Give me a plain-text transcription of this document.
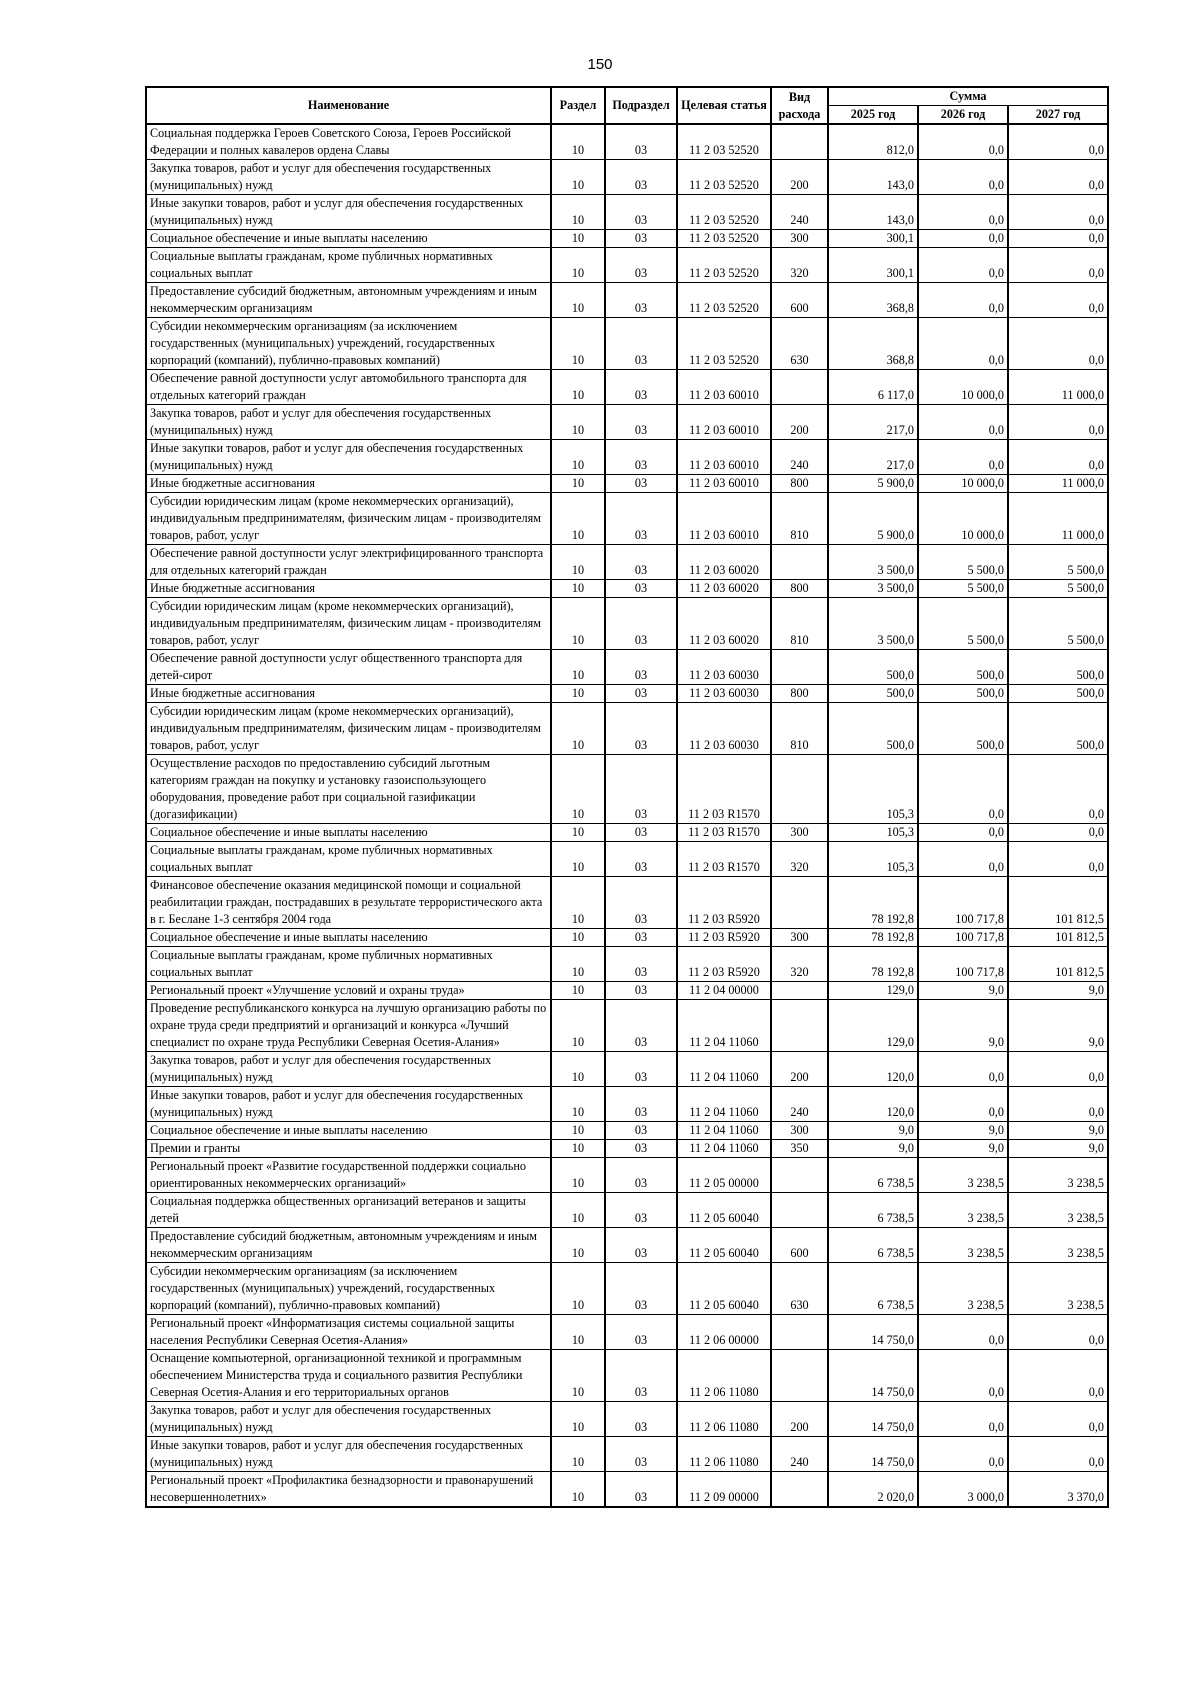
150
Наименование	Раздел	Подраздел	Целевая статья	Вид расхода	Сумма		
					2025 год	2026 год	2027 год
Социальная поддержка Героев Советского Союза, Героев Российской Федерации и полных кавалеров ордена Славы	10	03	11 2 03 52520		812,0	0,0	0,0
Закупка товаров, работ и услуг для обеспечения государственных (муниципальных) нужд	10	03	11 2 03 52520	200	143,0	0,0	0,0
Иные закупки товаров, работ и услуг для обеспечения государственных (муниципальных) нужд	10	03	11 2 03 52520	240	143,0	0,0	0,0
Социальное обеспечение и иные выплаты населению	10	03	11 2 03 52520	300	300,1	0,0	0,0
Социальные выплаты гражданам, кроме публичных нормативных социальных выплат	10	03	11 2 03 52520	320	300,1	0,0	0,0
Предоставление субсидий бюджетным, автономным учреждениям и иным некоммерческим организациям	10	03	11 2 03 52520	600	368,8	0,0	0,0
Субсидии некоммерческим организациям (за исключением государственных (муниципальных) учреждений, государственных корпораций (компаний), публично-правовых компаний)	10	03	11 2 03 52520	630	368,8	0,0	0,0
Обеспечение равной доступности услуг автомобильного транспорта для отдельных категорий граждан	10	03	11 2 03 60010		6 117,0	10 000,0	11 000,0
Закупка товаров, работ и услуг для обеспечения государственных (муниципальных) нужд	10	03	11 2 03 60010	200	217,0	0,0	0,0
Иные закупки товаров, работ и услуг для обеспечения государственных (муниципальных) нужд	10	03	11 2 03 60010	240	217,0	0,0	0,0
Иные бюджетные ассигнования	10	03	11 2 03 60010	800	5 900,0	10 000,0	11 000,0
Субсидии юридическим лицам (кроме некоммерческих организаций), индивидуальным предпринимателям, физическим лицам - производителям товаров, работ, услуг	10	03	11 2 03 60010	810	5 900,0	10 000,0	11 000,0
Обеспечение равной доступности услуг электрифицированного транспорта для отдельных категорий граждан	10	03	11 2 03 60020		3 500,0	5 500,0	5 500,0
Иные бюджетные ассигнования	10	03	11 2 03 60020	800	3 500,0	5 500,0	5 500,0
Субсидии юридическим лицам (кроме некоммерческих организаций), индивидуальным предпринимателям, физическим лицам - производителям товаров, работ, услуг	10	03	11 2 03 60020	810	3 500,0	5 500,0	5 500,0
Обеспечение равной доступности услуг общественного транспорта для детей-сирот	10	03	11 2 03 60030		500,0	500,0	500,0
Иные бюджетные ассигнования	10	03	11 2 03 60030	800	500,0	500,0	500,0
Субсидии юридическим лицам (кроме некоммерческих организаций), индивидуальным предпринимателям, физическим лицам - производителям товаров, работ, услуг	10	03	11 2 03 60030	810	500,0	500,0	500,0
Осуществление расходов по предоставлению субсидий льготным категориям граждан на покупку и установку газоиспользующего оборудования, проведение работ при социальной газификации (догазификации)	10	03	11 2 03 R1570		105,3	0,0	0,0
Социальное обеспечение и иные выплаты населению	10	03	11 2 03 R1570	300	105,3	0,0	0,0
Социальные выплаты гражданам, кроме публичных нормативных социальных выплат	10	03	11 2 03 R1570	320	105,3	0,0	0,0
Финансовое обеспечение оказания медицинской помощи и социальной реабилитации граждан, пострадавших в результате террористического акта в г. Беслане 1-3 сентября 2004 года	10	03	11 2 03 R5920		78 192,8	100 717,8	101 812,5
Социальное обеспечение и иные выплаты населению	10	03	11 2 03 R5920	300	78 192,8	100 717,8	101 812,5
Социальные выплаты гражданам, кроме публичных нормативных социальных выплат	10	03	11 2 03 R5920	320	78 192,8	100 717,8	101 812,5
Региональный проект «Улучшение условий и охраны труда»	10	03	11 2 04 00000		129,0	9,0	9,0
Проведение республиканского конкурса на лучшую организацию работы по охране труда среди предприятий и организаций и конкурса «Лучший специалист по охране труда Республики Северная Осетия-Алания»	10	03	11 2 04 11060		129,0	9,0	9,0
Закупка товаров, работ и услуг для обеспечения государственных (муниципальных) нужд	10	03	11 2 04 11060	200	120,0	0,0	0,0
Иные закупки товаров, работ и услуг для обеспечения государственных (муниципальных) нужд	10	03	11 2 04 11060	240	120,0	0,0	0,0
Социальное обеспечение и иные выплаты населению	10	03	11 2 04 11060	300	9,0	9,0	9,0
Премии и гранты	10	03	11 2 04 11060	350	9,0	9,0	9,0
Региональный проект «Развитие государственной поддержки социально ориентированных некоммерческих организаций»	10	03	11 2 05 00000		6 738,5	3 238,5	3 238,5
Социальная поддержка общественных организаций ветеранов и защиты детей	10	03	11 2 05 60040		6 738,5	3 238,5	3 238,5
Предоставление субсидий бюджетным, автономным учреждениям и иным некоммерческим организациям	10	03	11 2 05 60040	600	6 738,5	3 238,5	3 238,5
Субсидии некоммерческим организациям (за исключением государственных (муниципальных) учреждений, государственных корпораций (компаний), публично-правовых компаний)	10	03	11 2 05 60040	630	6 738,5	3 238,5	3 238,5
Региональный проект «Информатизация системы социальной защиты населения Республики Северная Осетия-Алания»	10	03	11 2 06 00000		14 750,0	0,0	0,0
Оснащение компьютерной, организационной техникой и программным обеспечением Министерства труда и социального развития Республики Северная Осетия-Алания и его территориальных органов	10	03	11 2 06 11080		14 750,0	0,0	0,0
Закупка товаров, работ и услуг для обеспечения государственных (муниципальных) нужд	10	03	11 2 06 11080	200	14 750,0	0,0	0,0
Иные закупки товаров, работ и услуг для обеспечения государственных (муниципальных) нужд	10	03	11 2 06 11080	240	14 750,0	0,0	0,0
Региональный проект «Профилактика безнадзорности и правонарушений несовершеннолетних»	10	03	11 2 09 00000		2 020,0	3 000,0	3 370,0
